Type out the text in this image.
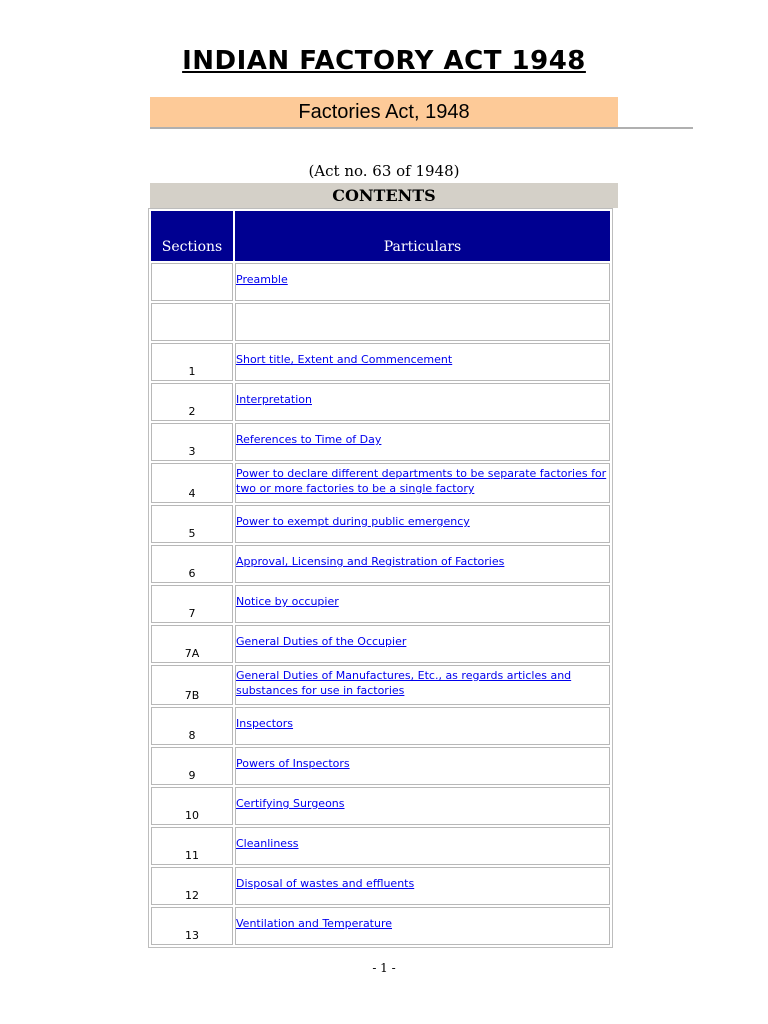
INDIAN FACTORY ACT 1948
Factories Act, 1948
(Act no. 63 of 1948)
CONTENTS
Sections	Particulars
	Preamble

1	Short title, Extent and Commencement
2	Interpretation
3	References to Time of Day
4	Power to declare different departments to be separate factories for two or more factories to be a single factory
5	Power to exempt during public emergency
6	Approval, Licensing and Registration of Factories
7	Notice by occupier
7A	General Duties of the Occupier
7B	General Duties of Manufactures, Etc., as regards articles and substances for use in factories
8	Inspectors
9	Powers of Inspectors
10	Certifying Surgeons
11	Cleanliness
12	Disposal of wastes and effluents
13	Ventilation and Temperature
- 1 -
